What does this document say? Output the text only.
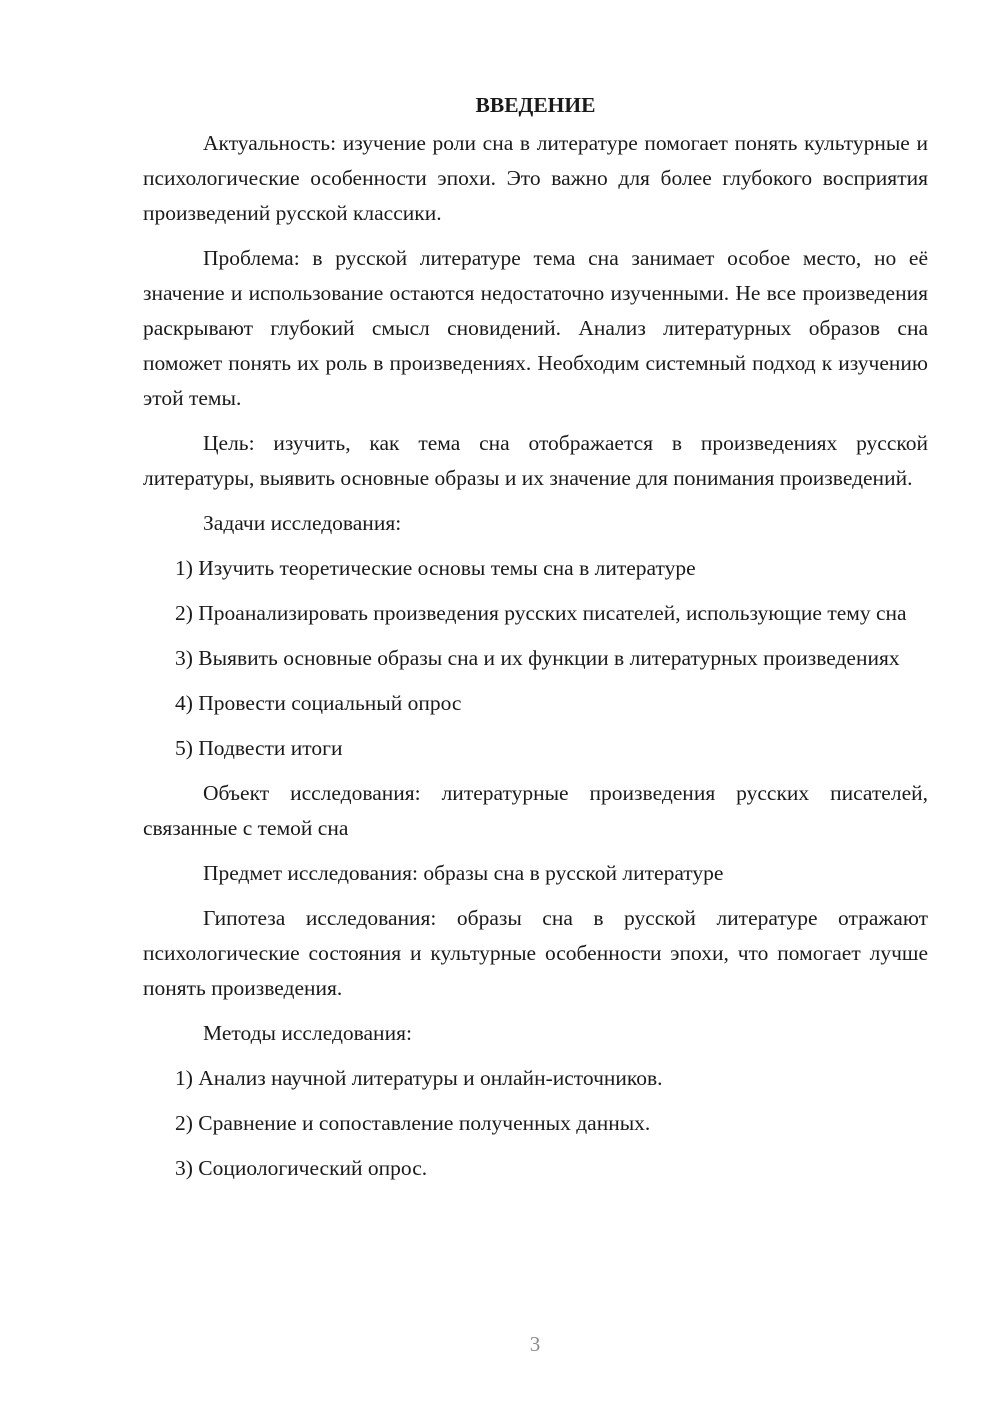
ВВЕДЕНИЕ

Актуальность: изучение роли сна в литературе помогает понять культурные и психологические особенности эпохи. Это важно для более глубокого восприятия произведений русской классики.

Проблема: в русской литературе тема сна занимает особое место, но её значение и использование остаются недостаточно изученными. Не все произведения раскрывают глубокий смысл сновидений. Анализ литературных образов сна поможет понять их роль в произведениях. Необходим системный подход к изучению этой темы.

Цель: изучить, как тема сна отображается в произведениях русской литературы, выявить основные образы и их значение для понимания произведений.

Задачи исследования:

1) Изучить теоретические основы темы сна в литературе

2) Проанализировать произведения русских писателей, использующие тему сна

3) Выявить основные образы сна и их функции в литературных произведениях

4) Провести социальный опрос

5) Подвести итоги

Объект исследования: литературные произведения русских писателей, связанные с темой сна

Предмет исследования: образы сна в русской литературе

Гипотеза исследования: образы сна в русской литературе отражают психологические состояния и культурные особенности эпохи, что помогает лучше понять произведения.

Методы исследования:

1) Анализ научной литературы и онлайн-источников.

2) Сравнение и сопоставление полученных данных.

3) Социологический опрос.

3
